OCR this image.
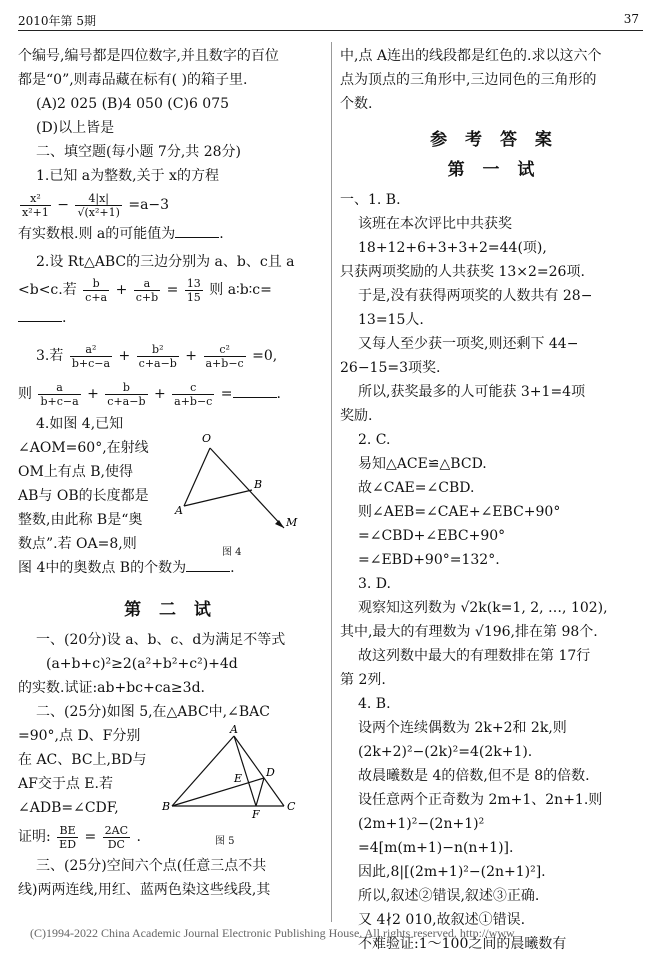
2010年第 5期	37

个编号,编号都是四位数字,并且数字的百位

都是“0”,则毒品藏在标有( )的箱子里.

(A)2 025 (B)4 050 (C)6 075

(D)以上皆是

二、填空题(每小题 7分,共 28分)

1.已知 a为整数,关于 x的方程

$\frac{\text{x²}}{\text{x²+1}} - \frac{4|x|}{\text{√(x²+1)}} =a-3$

有实数根.则 a的可能值为	.

2.设 Rt△ABC的三边分别为 a、b、c且 a

<b<c.若 $\frac{b}{c+a} + \frac{a}{c+b} = \frac{13}{15}$ 则 a∶b∶c=

.

3.若 $\frac{\text{a²}}{b+c-a} + \frac{\text{b²}}{c+a-b} + \frac{\text{c²}}{a+b-c} =0$,

则 $\frac{a}{b+c-a} + \frac{b}{c+a-b} + \frac{c}{a+b-c}$ =	.

4.如图 4,已知

∠AOM=60°,在射线

OM上有点 B,使得

AB与 OB的长度都是

整数,由此称 B是“奥

数点”.若 OA=8,则

图 4中的奥数点 B的个数为	.

第 二 试

一、(20分)设 a、b、c、d为满足不等式

(a+b+c)²≥2(a²+b²+c²)+4d

的实数.试证:ab+bc+ca≥3d.

二、(25分)如图 5,在△ABC中,∠BAC

=90°,点 D、F分别

在 AC、BC上,BD与

AF交于点 E.若

∠ADB=∠CDF,

证明: $\frac{BE}{ED} = \frac{2AC}{DC}$ .

三、(25分)空间六个点(任意三点不共

线)两两连线,用红、蓝两色染这些线段,其

O
A
B
M
图 4
A
B	C
D
E
F
图 5

中,点 A连出的线段都是红色的.求以这六个

点为顶点的三角形中,三边同色的三角形的

个数.

参 考 答 案
第 一 试

一、1. B.

该班在本次评比中共获奖

18+12+6+3+3+2=44(项),

只获两项奖励的人共获奖 13×2=26项.

于是,没有获得两项奖的人数共有 28−

13=15人.

又每人至少获一项奖,则还剩下 44−

26−15=3项奖.

所以,获奖最多的人可能获 3+1=4项

奖励.

2. C.

易知△ACE≌△BCD.

故∠CAE=∠CBD.

则∠AEB=∠CAE+∠EBC+90°

=∠CBD+∠EBC+90°

=∠EBD+90°=132°.

3. D.

观察知这列数为 √2k(k=1, 2, …, 102),

其中,最大的有理数为 √196,排在第 98个.

故这列数中最大的有理数排在第 17行

第 2列.

4. B.

设两个连续偶数为 2k+2和 2k,则

(2k+2)²−(2k)²=4(2k+1).

故晨曦数是 4的倍数,但不是 8的倍数.

设任意两个正奇数为 2m+1、2n+1.则

(2m+1)²−(2n+1)²

=4[m(m+1)−n(n+1)].

因此,8|[(2m+1)²−(2n+1)²].

所以,叙述②错误,叙述③正确.

又 4∤2 010,故叙述①错误.

不难验证:1～100之间的晨曦数有

(C)1994-2022 China Academic Journal Electronic Publishing House. All rights reserved. http://www
